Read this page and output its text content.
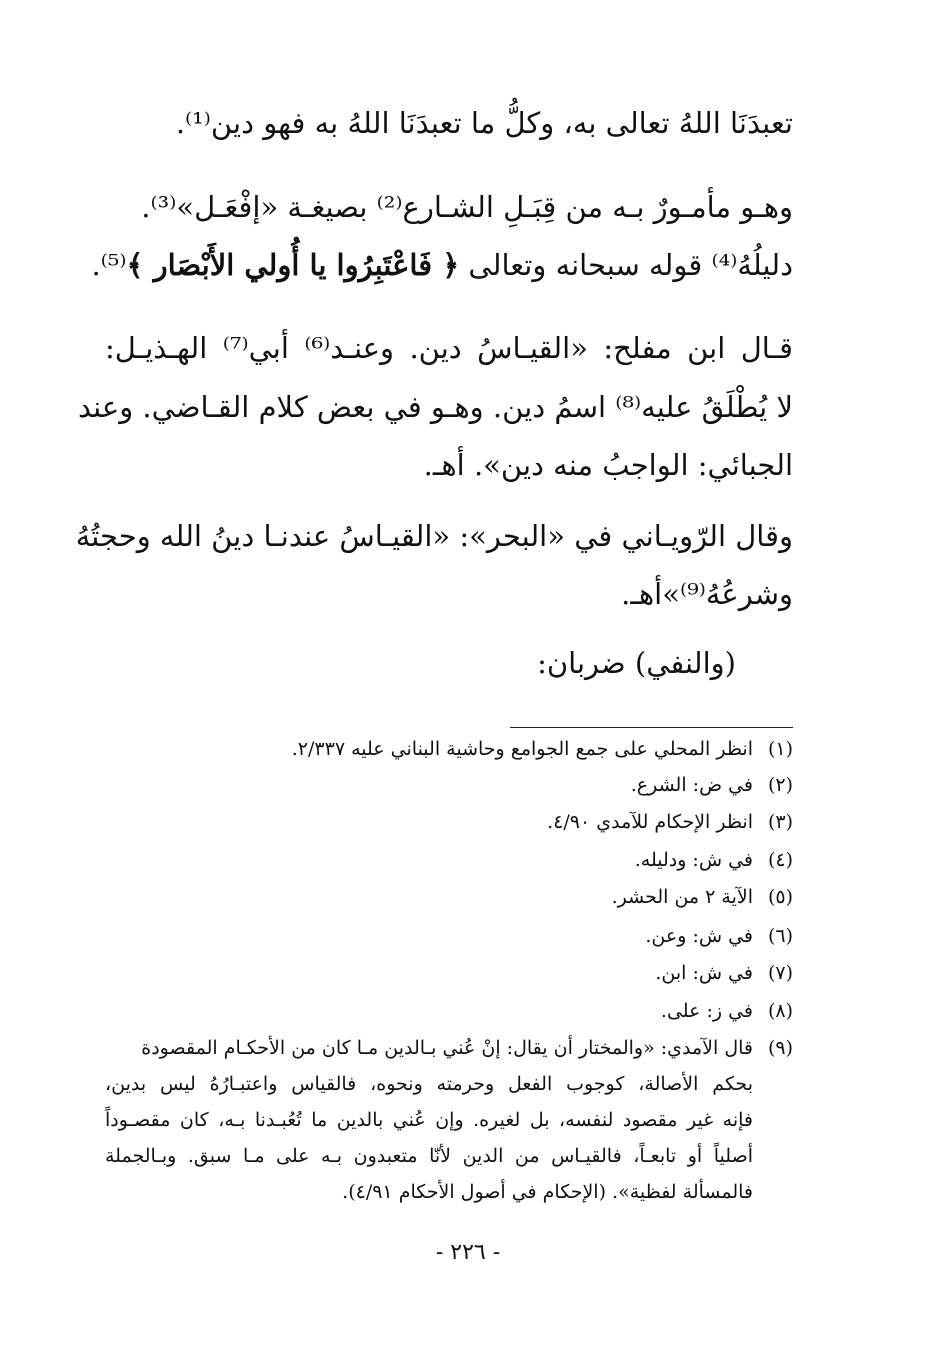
تعبدَنَا اللهُ تعالى به، وكلُّ ما تعبدَنَا اللهُ به فهو دين⁽¹⁾.
وهـو مأمـورٌ بـه من قِبَـلِ الشـارع⁽²⁾ بصيغـة «إفْعَـل»⁽³⁾.
دليلُهُ⁽⁴⁾ قوله سبحانه وتعالى ﴿ فَاعْتَبِرُوا يا أُولي الأَبْصَار ﴾⁽⁵⁾.
قـال ابن مفلح: «القيـاسُ دين. وعنـد⁽⁶⁾ أبي⁽⁷⁾ الهـذيـل:
لا يُطْلَقُ عليه⁽⁸⁾ اسمُ دين. وهـو في بعض كلام القـاضي. وعند
الجبائي: الواجبُ منه دين». أهـ.
وقال الرّويـاني في «البحر»: «القيـاسُ عندنـا دينُ الله وحجتُهُ
وشرعُهُ⁽⁹⁾»أهـ.
(والنفي) ضربان:
(١)انظر المحلي على جمع الجوامع وحاشية البناني عليه ٢/٣٣٧.
(٢)في ض: الشرع.
(٣)انظر الإحكام للآمدي ٤/٩٠.
(٤)في ش: ودليله.
(٥)الآية ٢ من الحشر.
(٦)في ش: وعن.
(٧)في ش: ابن.
(٨)في ز: على.
(٩)قال الآمدي: «والمختار أن يقال: إنْ عُني بـالدين مـا كان من الأحكـام المقصودة
بحكم الأصالة، كوجوب الفعل وحرمته ونحوه، فالقياس واعتبـارُهُ ليس بدين،
فإنه غير مقصود لنفسه، بل لغيره. وإن عُني بالدين ما تُعُبـدنا بـه، كان مقصـوداً
أصلياً أو تابعـاً، فالقيـاس من الدين لأنّا متعبدون بـه على مـا سبق. وبـالجملة
فالمسألة لفظية». (الإحكام في أصول الأحكام ٤/٩١).
- ٢٢٦ -
